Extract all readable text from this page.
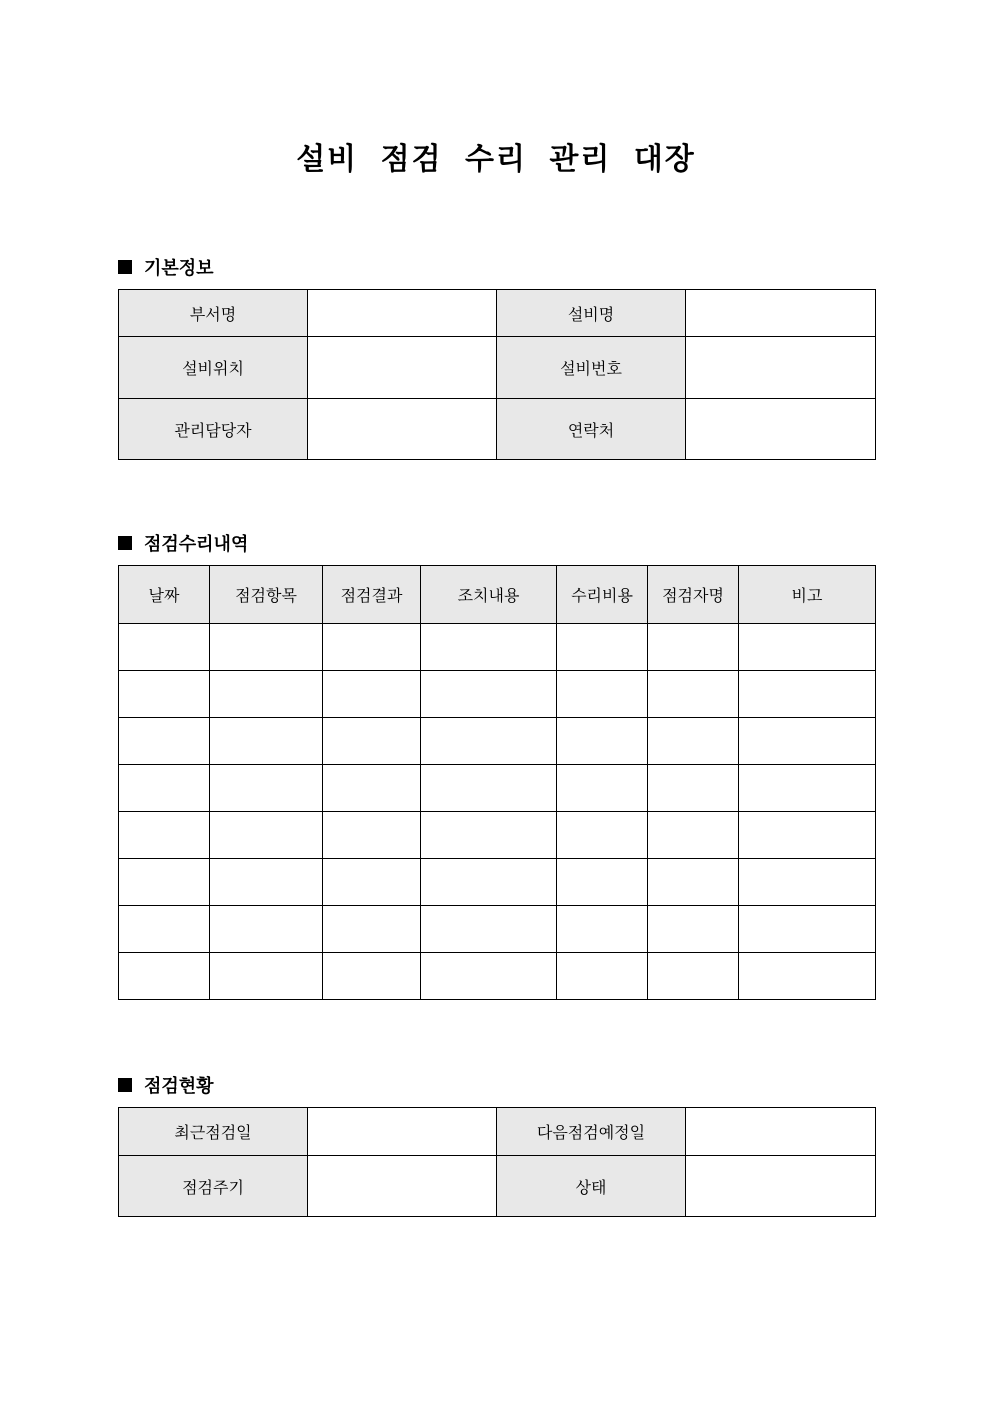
설비 점검 수리 관리 대장
기본정보
부서명		설비명	
설비위치		설비번호	
관리담당자		연락처	
점검수리내역
날짜	점검항목	점검결과	조치내용	수리비용	점검자명	비고

점검현황
최근점검일		다음점검예정일	
점검주기		상태	
